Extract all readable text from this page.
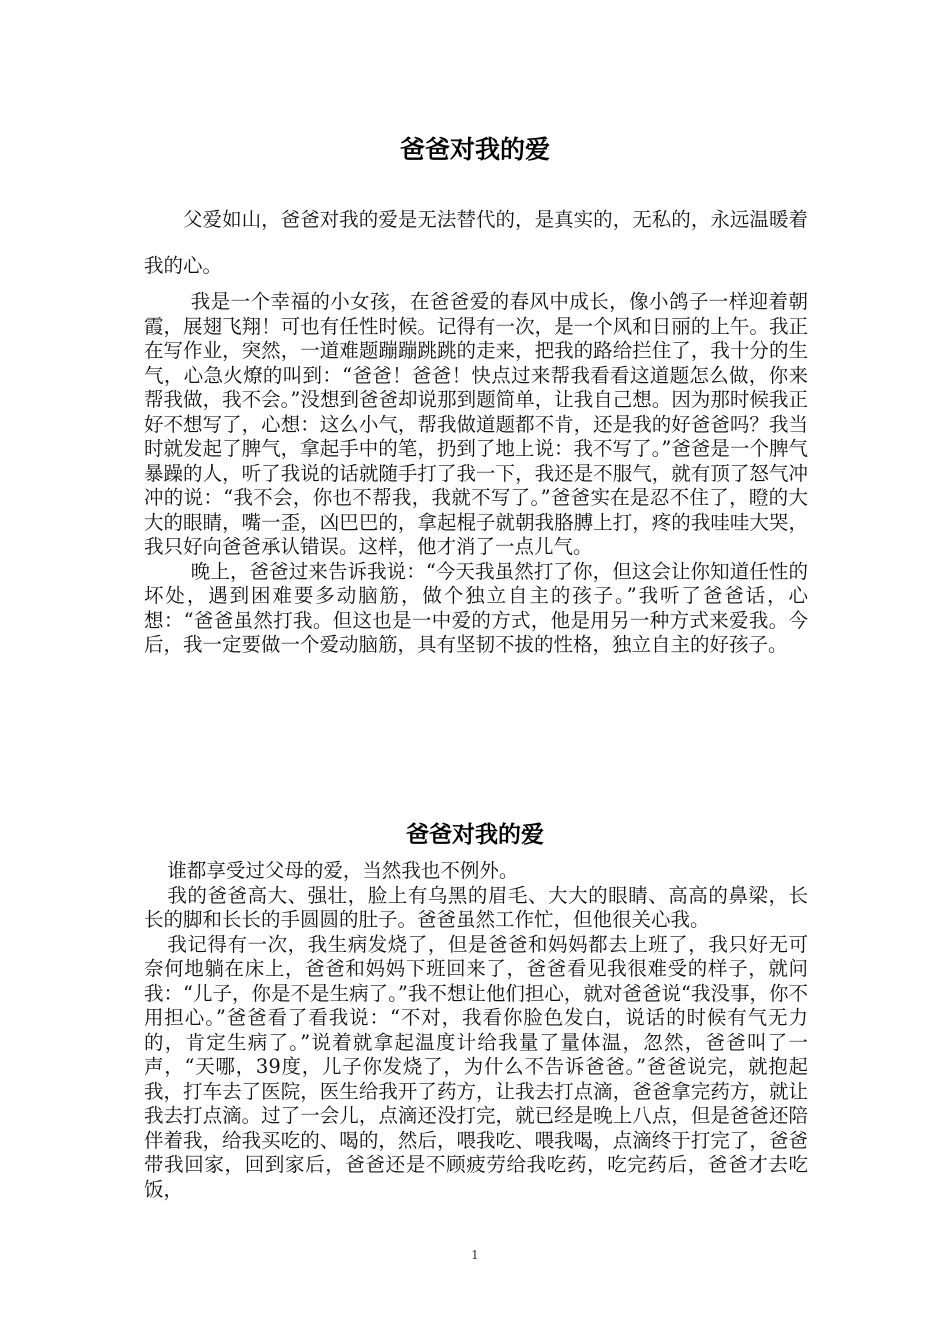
爸爸对我的爱

父爱如山，爸爸对我的爱是无法替代的，是真实的，无私的，永远温暖着我的心。

我是一个幸福的小女孩，在爸爸爱的春风中成长，像小鸽子一样迎着朝霞，展翅飞翔！可也有任性时候。记得有一次，是一个风和日丽的上午。我正在写作业，突然，一道难题蹦蹦跳跳的走来，把我的路给拦住了，我十分的生气，心急火燎的叫到：“爸爸！爸爸！快点过来帮我看看这道题怎么做，你来帮我做，我不会。”没想到爸爸却说那到题简单，让我自己想。因为那时候我正好不想写了，心想：这么小气，帮我做道题都不肯，还是我的好爸爸吗？我当时就发起了脾气，拿起手中的笔，扔到了地上说：我不写了。”爸爸是一个脾气暴躁的人，听了我说的话就随手打了我一下，我还是不服气，就有顶了怒气冲冲的说：“我不会，你也不帮我，我就不写了。”爸爸实在是忍不住了，瞪的大大的眼睛，嘴一歪，凶巴巴的，拿起棍子就朝我胳膊上打，疼的我哇哇大哭，我只好向爸爸承认错误。这样，他才消了一点儿气。

晚上，爸爸过来告诉我说：“今天我虽然打了你，但这会让你知道任性的坏处，遇到困难要多动脑筋，做个独立自主的孩子。”我听了爸爸话，心想：“爸爸虽然打我。但这也是一中爱的方式，他是用另一种方式来爱我。今后，我一定要做一个爱动脑筋，具有坚韧不拔的性格，独立自主的好孩子。

爸爸对我的爱

谁都享受过父母的爱，当然我也不例外。

我的爸爸高大、强壮，脸上有乌黑的眉毛、大大的眼睛、高高的鼻梁，长长的脚和长长的手圆圆的肚子。爸爸虽然工作忙，但他很关心我。

我记得有一次，我生病发烧了，但是爸爸和妈妈都去上班了，我只好无可奈何地躺在床上，爸爸和妈妈下班回来了，爸爸看见我很难受的样子，就问我：“儿子，你是不是生病了。”我不想让他们担心，就对爸爸说“我没事，你不用担心。”爸爸看了看我说：“不对，我看你脸色发白，说话的时候有气无力的，肯定生病了。”说着就拿起温度计给我量了量体温，忽然，爸爸叫了一声，“天哪，39度，儿子你发烧了，为什么不告诉爸爸。”爸爸说完，就抱起我，打车去了医院，医生给我开了药方，让我去打点滴，爸爸拿完药方，就让我去打点滴。过了一会儿，点滴还没打完，就已经是晚上八点，但是爸爸还陪伴着我，给我买吃的、喝的，然后，喂我吃、喂我喝，点滴终于打完了，爸爸带我回家，回到家后，爸爸还是不顾疲劳给我吃药，吃完药后，爸爸才去吃饭，

1
